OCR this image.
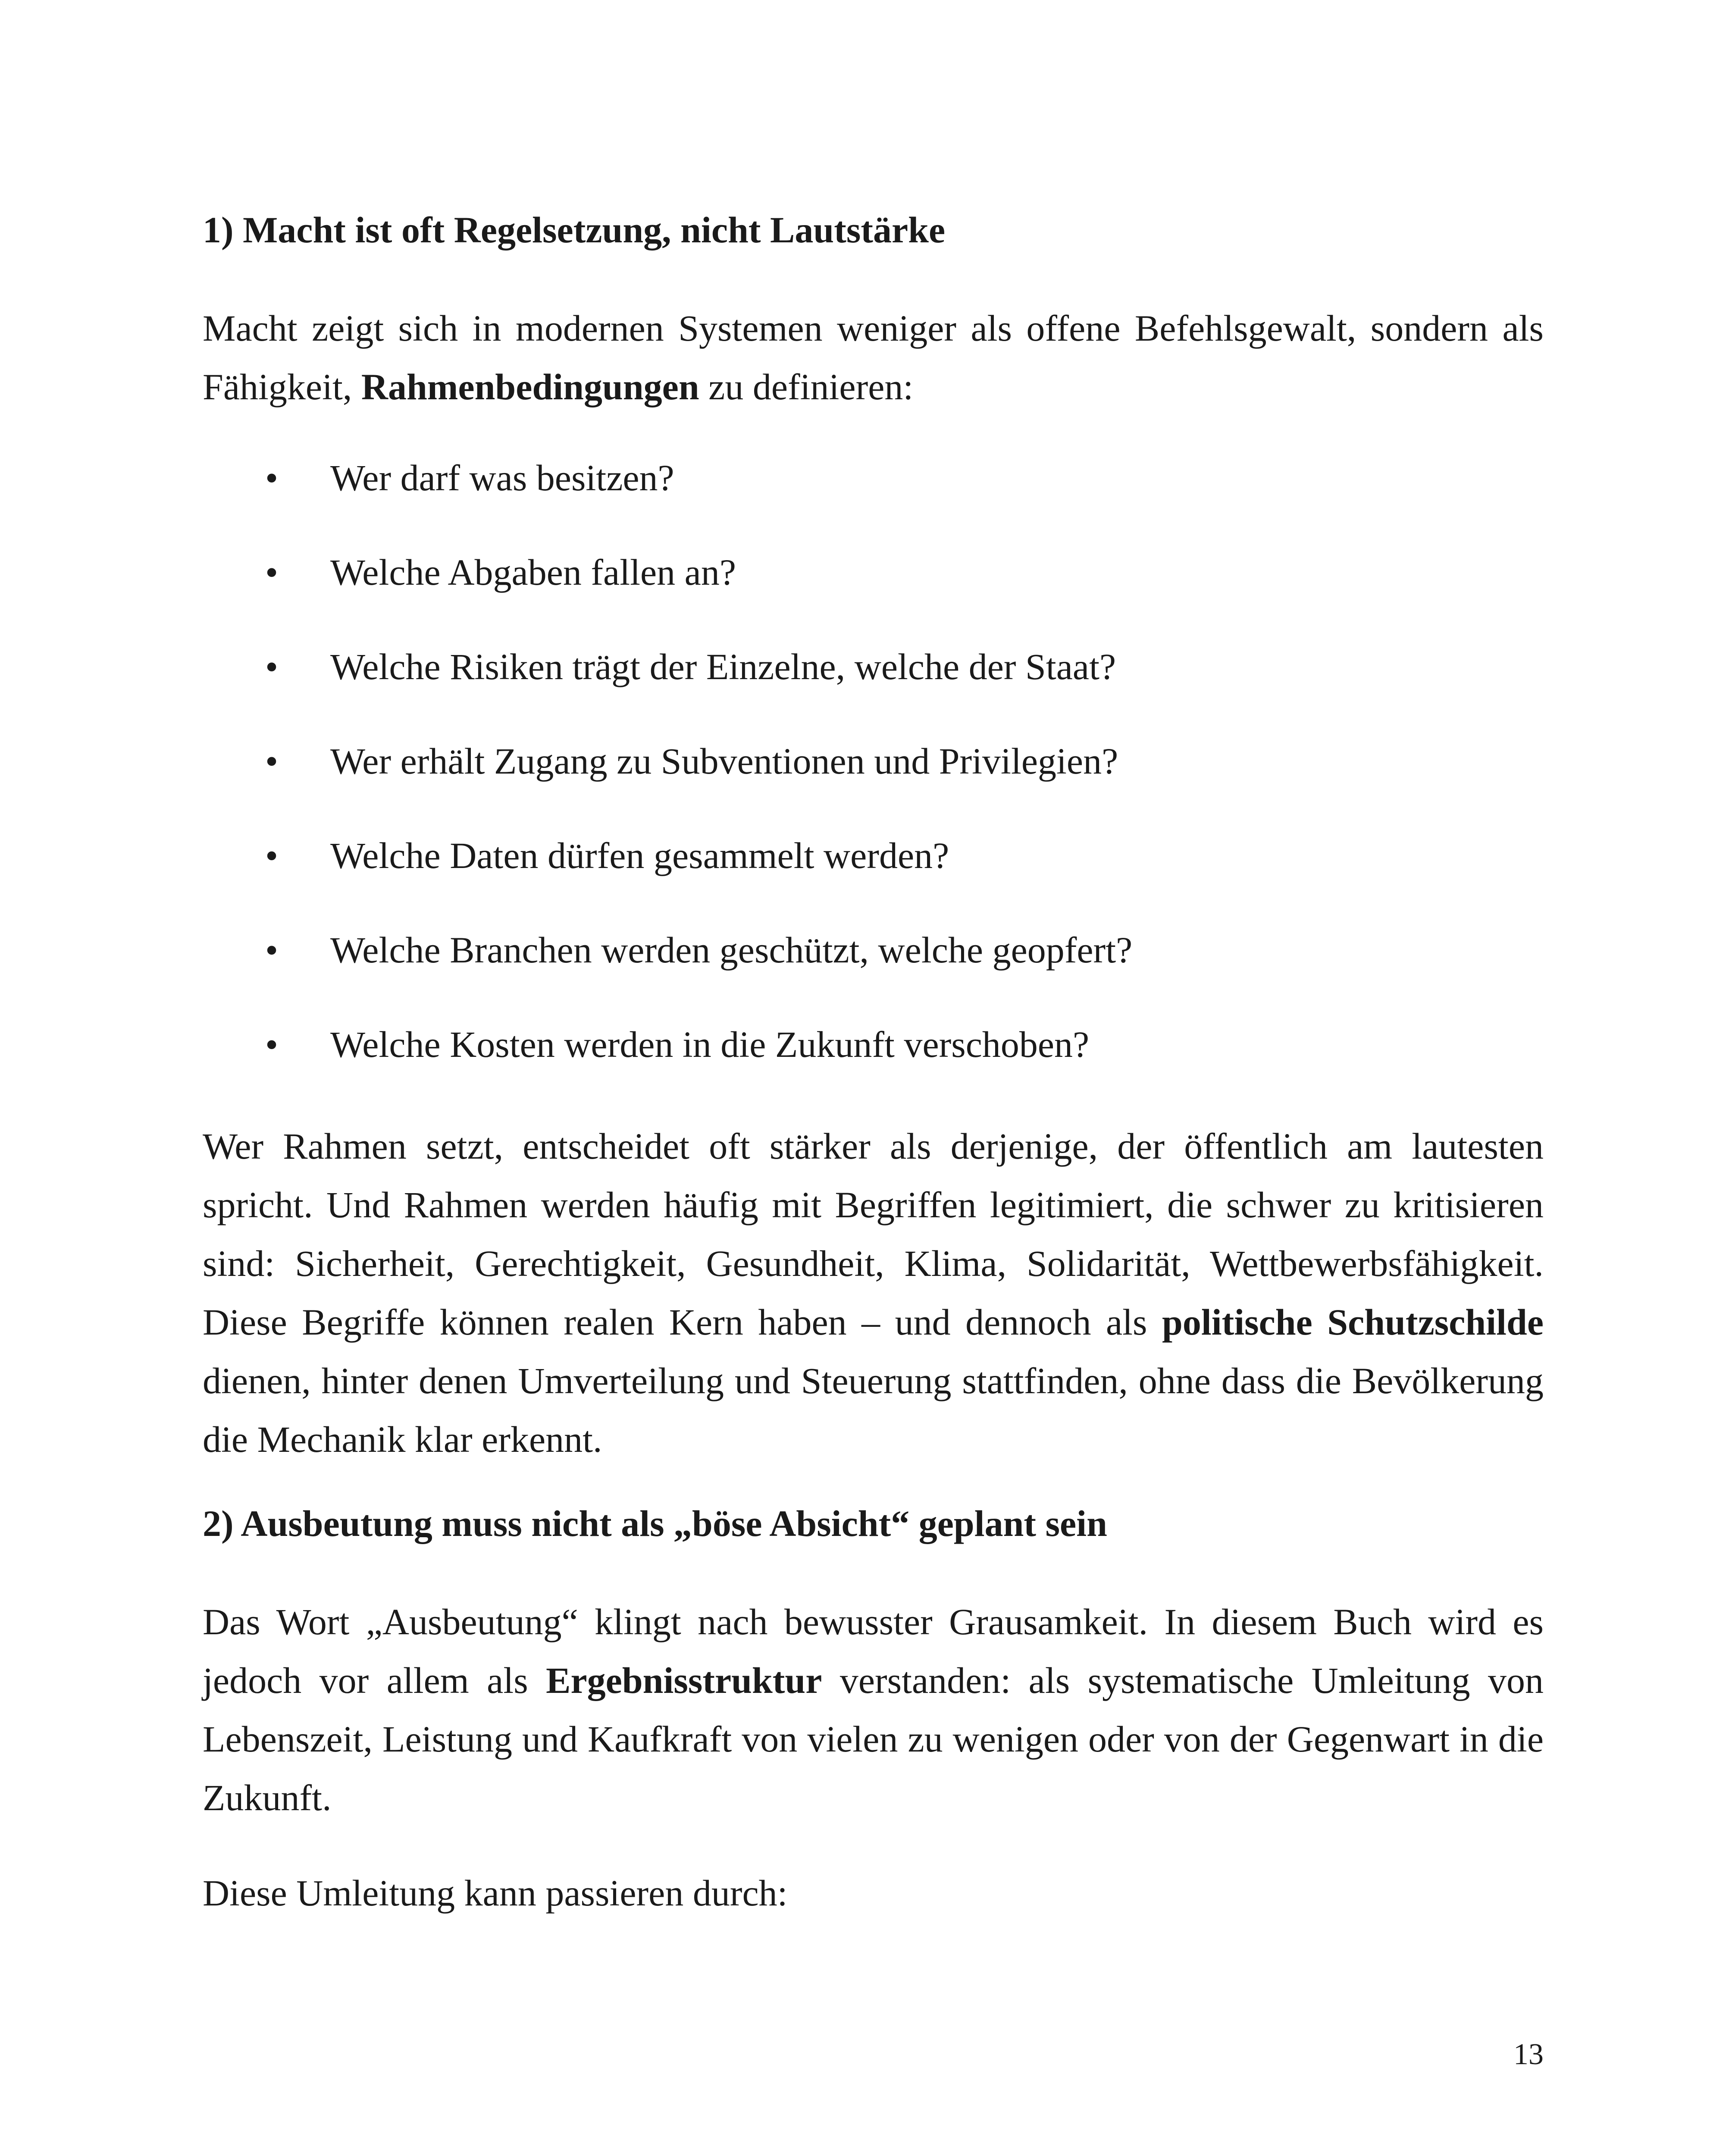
1) Macht ist oft Regelsetzung, nicht Lautstärke

Macht zeigt sich in modernen Systemen weniger als offene Befehlsgewalt, sondern als Fähigkeit, Rahmenbedingungen zu definieren:

• Wer darf was besitzen?
• Welche Abgaben fallen an?
• Welche Risiken trägt der Einzelne, welche der Staat?
• Wer erhält Zugang zu Subventionen und Privilegien?
• Welche Daten dürfen gesammelt werden?
• Welche Branchen werden geschützt, welche geopfert?
• Welche Kosten werden in die Zukunft verschoben?

Wer Rahmen setzt, entscheidet oft stärker als derjenige, der öffentlich am lautesten spricht. Und Rahmen werden häufig mit Begriffen legitimiert, die schwer zu kritisieren sind: Sicherheit, Gerechtigkeit, Gesundheit, Klima, Solidarität, Wettbewerbsfähigkeit. Diese Begriffe können realen Kern haben – und dennoch als politische Schutzschilde dienen, hinter denen Umverteilung und Steuerung stattfinden, ohne dass die Bevölkerung die Mechanik klar erkennt.

2) Ausbeutung muss nicht als „böse Absicht“ geplant sein

Das Wort „Ausbeutung“ klingt nach bewusster Grausamkeit. In diesem Buch wird es jedoch vor allem als Ergebnisstruktur verstanden: als systematische Umleitung von Lebenszeit, Leistung und Kaufkraft von vielen zu wenigen oder von der Gegenwart in die Zukunft.

Diese Umleitung kann passieren durch:

13
